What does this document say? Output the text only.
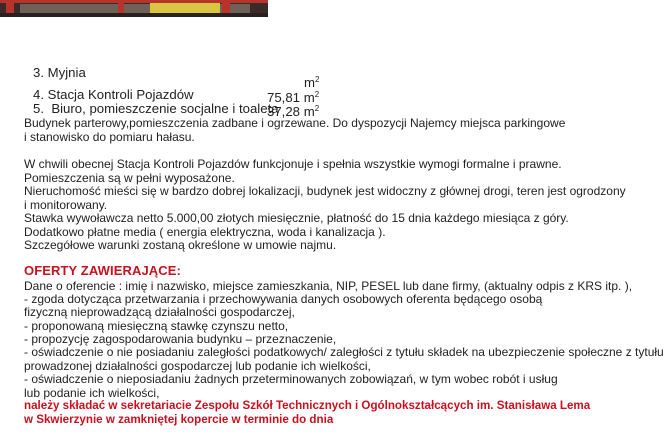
3. Myjnia
$m^2$
4. Stacja Kontroli Pojazdów	75,81 $m^2$
5. Biuro, pomieszczenie socjalne i toaleta
37,28 $m^2$
Budynek parterowy,pomieszczenia zadbane i ogrzewane. Do dyspozycji Najemcy miejsca parkingowe
i stanowisko do pomiaru hałasu.
W chwili obecnej Stacja Kontroli Pojazdów funkcjonuje i spełnia wszystkie wymogi formalne i prawne.
Pomieszczenia są w pełni wyposażone.
Nieruchomość mieści się w bardzo dobrej lokalizacji, budynek jest widoczny z głównej drogi, teren jest ogrodzony
i monitorowany.
Stawka wywoławcza netto 5.000,00 złotych miesięcznie, płatność do 15 dnia każdego miesiąca z góry.
Dodatkowo płatne media ( energia elektryczna, woda i kanalizacja ).
Szczegółowe warunki zostaną określone w umowie najmu.
OFERTY ZAWIERAJĄCE:
Dane o oferencie : imię i nazwisko, miejsce zamieszkania, NIP, PESEL lub dane firmy, (aktualny odpis z KRS itp. ),
- zgoda dotycząca przetwarzania i przechowywania danych osobowych oferenta będącego osobą
fizyczną nieprowadzącą działalności gospodarczej,
- proponowaną miesięczną stawkę czynszu netto,
- propozycję zagospodarowania budynku – przeznaczenie,
- oświadczenie o nie posiadaniu zaległości podatkowych/ zaległości z tytułu składek na ubezpieczenie społeczne z tytułu
prowadzonej działalności gospodarczej lub podanie ich wielkości,
- oświadczenie o nieposiadaniu żadnych przeterminowanych zobowiązań, w tym wobec robót i usług
lub podanie ich wielkości,
należy składać w sekretariacie Zespołu Szkół Technicznych i Ogólnokształcących im. Stanisława Lema
w Skwierzynie w zamkniętej kopercie w terminie do dnia
